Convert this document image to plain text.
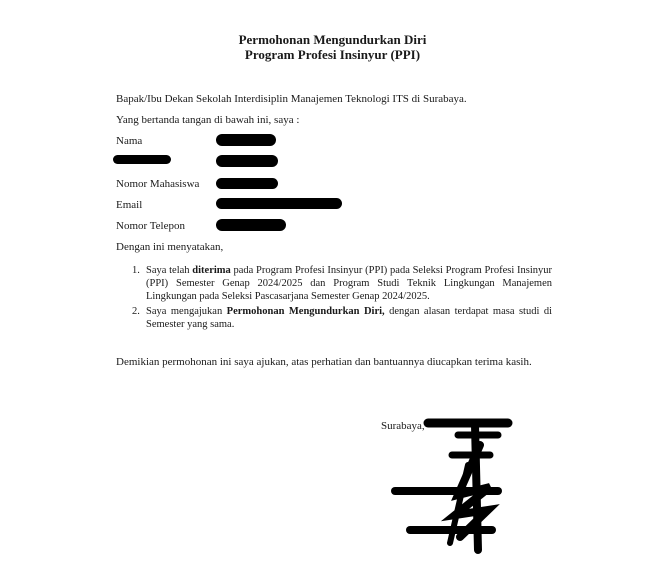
Permohonan Mengundurkan Diri
Program Profesi Insinyur (PPI)
Bapak/Ibu Dekan Sekolah Interdisiplin Manajemen Teknologi ITS di Surabaya.
Yang bertanda tangan di bawah ini, saya :
Nama
Nomor Mahasiswa
Email
Nomor Telepon
Dengan ini menyatakan,
1. Saya telah diterima pada Program Profesi Insinyur (PPI) pada Seleksi Program Profesi Insinyur (PPI) Semester Genap 2024/2025 dan Program Studi Teknik Lingkungan Manajemen Lingkungan pada Seleksi Pascasarjana Semester Genap 2024/2025.
2. Saya mengajukan Permohonan Mengundurkan Diri, dengan alasan terdapat masa studi di Semester yang sama.
Demikian permohonan ini saya ajukan, atas perhatian dan bantuannya diucapkan terima kasih.
Surabaya,
